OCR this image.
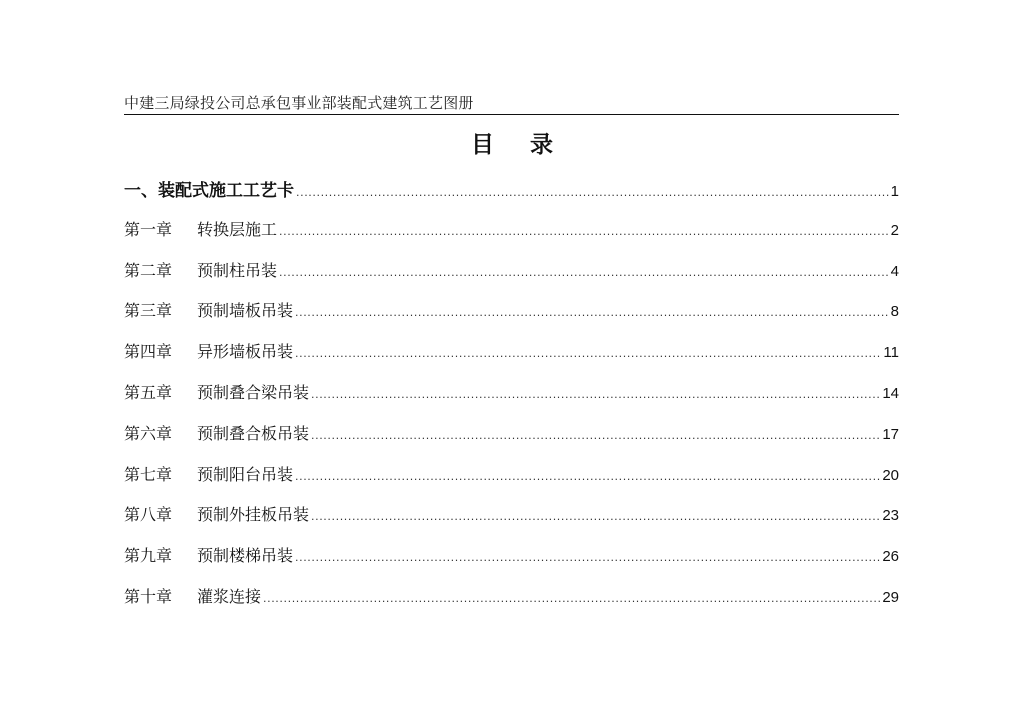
中建三局绿投公司总承包事业部装配式建筑工艺图册
目 录
一、装配式施工工艺卡 .....	1
第一章	转换层施工 .....	2
第二章	预制柱吊装 .....	4
第三章	预制墙板吊装 .....	8
第四章	异形墙板吊装 .....	11
第五章	预制叠合梁吊装 .....	14
第六章	预制叠合板吊装 .....	17
第七章	预制阳台吊装 .....	20
第八章	预制外挂板吊装 .....	23
第九章	预制楼梯吊装 .....	26
第十章	灌浆连接 .....	29
